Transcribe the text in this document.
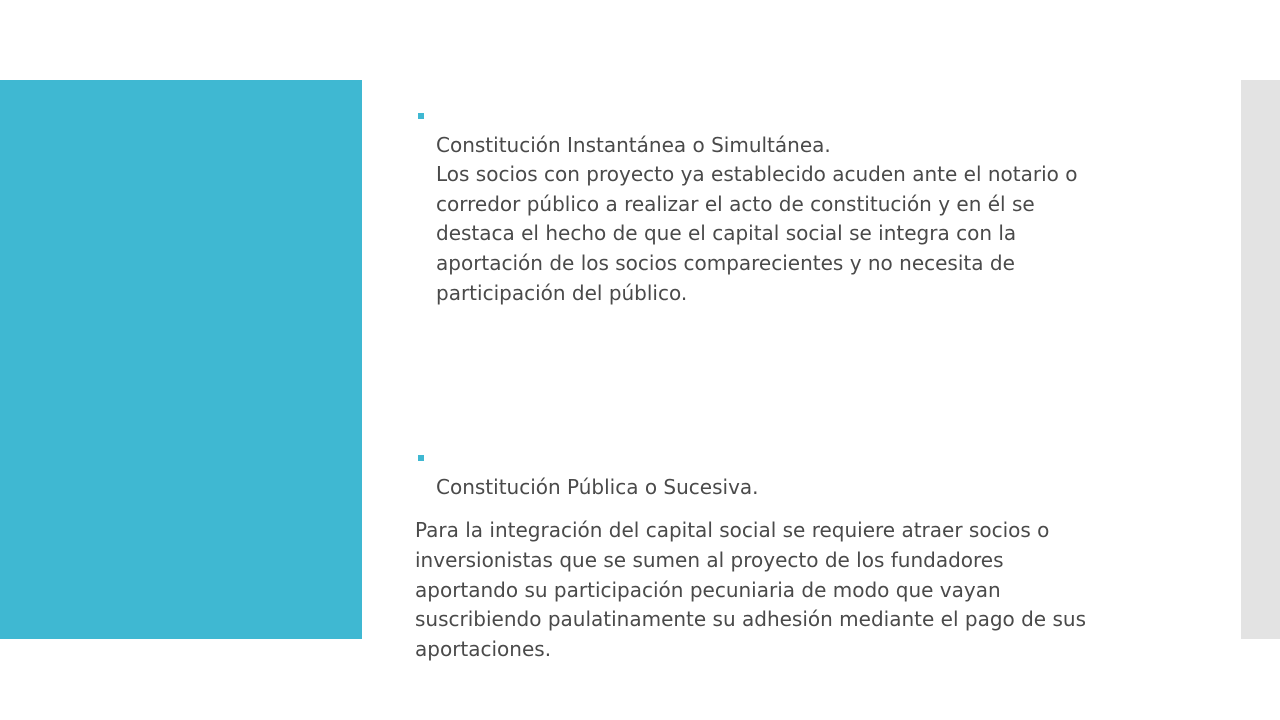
Constitución Instantánea o Simultánea.
Los socios con proyecto ya establecido acuden ante el notario o
corredor público a realizar el acto de constitución y en él se
destaca el hecho de que el capital social se integra con la
aportación de los socios comparecientes y no necesita de
participación del público.

Constitución Pública o Sucesiva.

Para la integración del capital social se requiere atraer socios o
inversionistas que se sumen al proyecto de los fundadores
aportando su participación pecuniaria de modo que vayan
suscribiendo paulatinamente su adhesión mediante el pago de sus
aportaciones.
